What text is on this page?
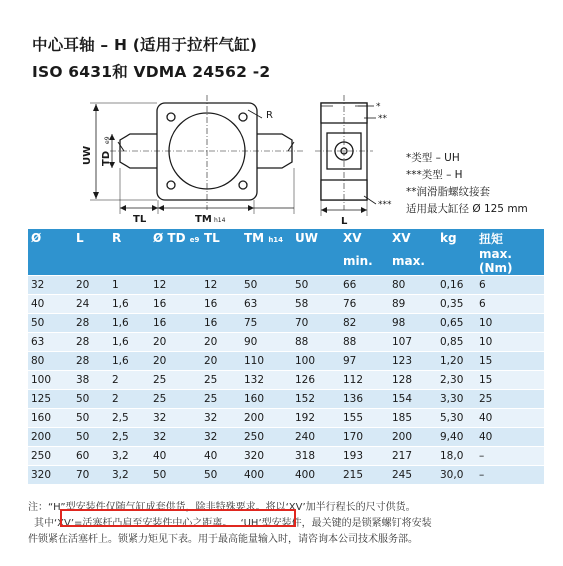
中心耳轴 – H (适用于拉杆气缸)
ISO 6431和 VDMA 24562 -2
R
UW TD
e9
TL	TM h14
*
**
***
L
*类型 – UH
***类型 – H
**润滑脂螺纹接套
适用最大缸径 Ø 125 mm
Ø	L	R	Ø TD e9	TL	TM h14	UW	XV	XV	kg	扭矩
							min.	max.		max. (Nm)
32	20	1	12	12	50	50	66	80	0,16	6
40	24	1,6	16	16	63	58	76	89	0,35	6
50	28	1,6	16	16	75	70	82	98	0,65	10
63	28	1,6	20	20	90	88	88	107	0,85	10
80	28	1,6	20	20	110	100	97	123	1,20	15
100	38	2	25	25	132	126	112	128	2,30	15
125	50	2	25	25	160	152	136	154	3,30	25
160	50	2,5	32	32	200	192	155	185	5,30	40
200	50	2,5	32	32	250	240	170	200	9,40	40
250	60	3,2	40	40	320	318	193	217	18,0	–
320	70	3,2	50	50	400	400	215	245	30,0	–
注：“H”型安装件仅随气缸成套供货，除非特殊要求。将以‘XV’加半行程长的尺寸供货。
其中‘XV’=活塞杆凸肩至安装件中心之距离。 ‘UH’型安装件，最关键的是锁紧螺钉将安装
件锁紧在活塞杆上。锁紧力矩见下表。用于最高能量输入时，请咨询本公司技术服务部。
